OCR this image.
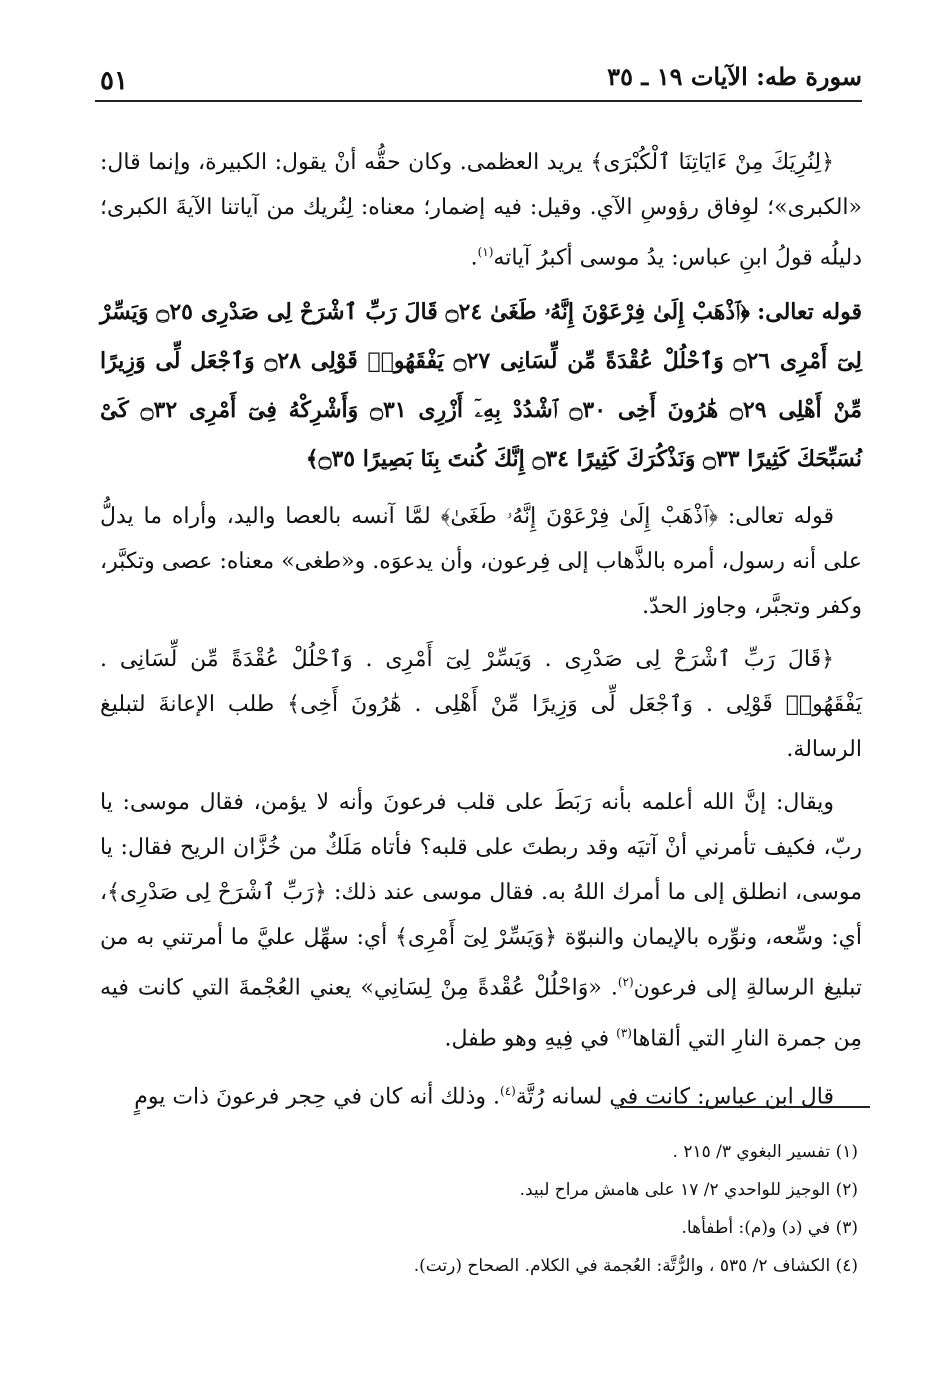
سورة طه: الآيات ١٩ ـ ٣٥
٥١

﴿لِنُرِيَكَ مِنْ ءَايَاتِنَا ٱلْكُبْرَى﴾ يريد العظمى. وكان حقُّه أنْ يقول: الكبيرة، وإنما قال: «الكبرى»؛ لوِفاق رؤوسِ الآي. وقيل: فيه إضمار؛ معناه: لِنُريك من آياتنا الآيةَ الكبرى؛ دليلُه قولُ ابنِ عباس: يدُ موسى أكبرُ آياته$^{(١)}$.

قوله تعالى: ﴿ٱذْهَبْ إِلَىٰ فِرْعَوْنَ إِنَّهُۥ طَغَىٰ ۝٢٤ قَالَ رَبِّ ٱشْرَحْ لِى صَدْرِى ۝٢٥ وَيَسِّرْ لِىٓ أَمْرِى ۝٢٦ وَٱحْلُلْ عُقْدَةً مِّن لِّسَانِى ۝٢٧ يَفْقَهُوا۟ قَوْلِى ۝٢٨ وَٱجْعَل لِّى وَزِيرًا مِّنْ أَهْلِى ۝٢٩ هَٰرُونَ أَخِى ۝٣٠ ٱشْدُدْ بِهِۦٓ أَزْرِى ۝٣١ وَأَشْرِكْهُ فِىٓ أَمْرِى ۝٣٢ كَىْ نُسَبِّحَكَ كَثِيرًا ۝٣٣ وَنَذْكُرَكَ كَثِيرًا ۝٣٤ إِنَّكَ كُنتَ بِنَا بَصِيرًا ۝٣٥﴾

قوله تعالى: ﴿ٱذْهَبْ إِلَىٰ فِرْعَوْنَ إِنَّهُۥ طَغَىٰ﴾ لمَّا آنسه بالعصا واليد، وأراه ما يدلُّ على أنه رسول، أمره بالذَّهاب إلى فِرعون، وأن يدعوَه. و«طغى» معناه: عصى وتكبَّر، وكفر وتجبَّر، وجاوز الحدّ.

﴿قَالَ رَبِّ ٱشْرَحْ لِى صَدْرِى . وَيَسِّرْ لِىٓ أَمْرِى . وَٱحْلُلْ عُقْدَةً مِّن لِّسَانِى . يَفْقَهُوا۟ قَوْلِى . وَٱجْعَل لِّى وَزِيرًا مِّنْ أَهْلِى . هَٰرُونَ أَخِى﴾ طلب الإعانةَ لتبليغ الرسالة.

ويقال: إنَّ الله أعلمه بأنه رَبَطَ على قلب فرعونَ وأنه لا يؤمن، فقال موسى: يا ربّ، فكيف تأمرني أنْ آتيَه وقد ربطتَ على قلبه؟ فأتاه مَلَكٌ من خُزَّان الريح فقال: يا موسى، انطلق إلى ما أمرك اللهُ به. فقال موسى عند ذلك: ﴿رَبِّ ٱشْرَحْ لِى صَدْرِى﴾، أي: وسِّعه، ونوِّره بالإيمان والنبوّة ﴿وَيَسِّرْ لِىٓ أَمْرِى﴾ أي: سهِّل عليَّ ما أمرتني به من تبليغ الرسالةِ إلى فرعون$^{(٢)}$. «وَاحْلُلْ عُقْدةً مِنْ لِسَانِي» يعني العُجْمةَ التي كانت فيه مِن جمرة النارِ التي ألقاها$^{(٣)}$ في فِيهِ وهو طفل.

قال ابن عباس: كانت في لسانه رُتَّة$^{(٤)}$. وذلك أنه كان في حِجر فرعونَ ذات يومٍ

(١) تفسير البغوي ٣/ ٢١٥ .

(٢) الوجيز للواحدي ٢/ ١٧ على هامش مراح لبيد.

(٣) في (د) و(م): أطفأها.

(٤) الكشاف ٢/ ٥٣٥ ، والرُّتَّة: العُجمة في الكلام. الصحاح (رتت).
